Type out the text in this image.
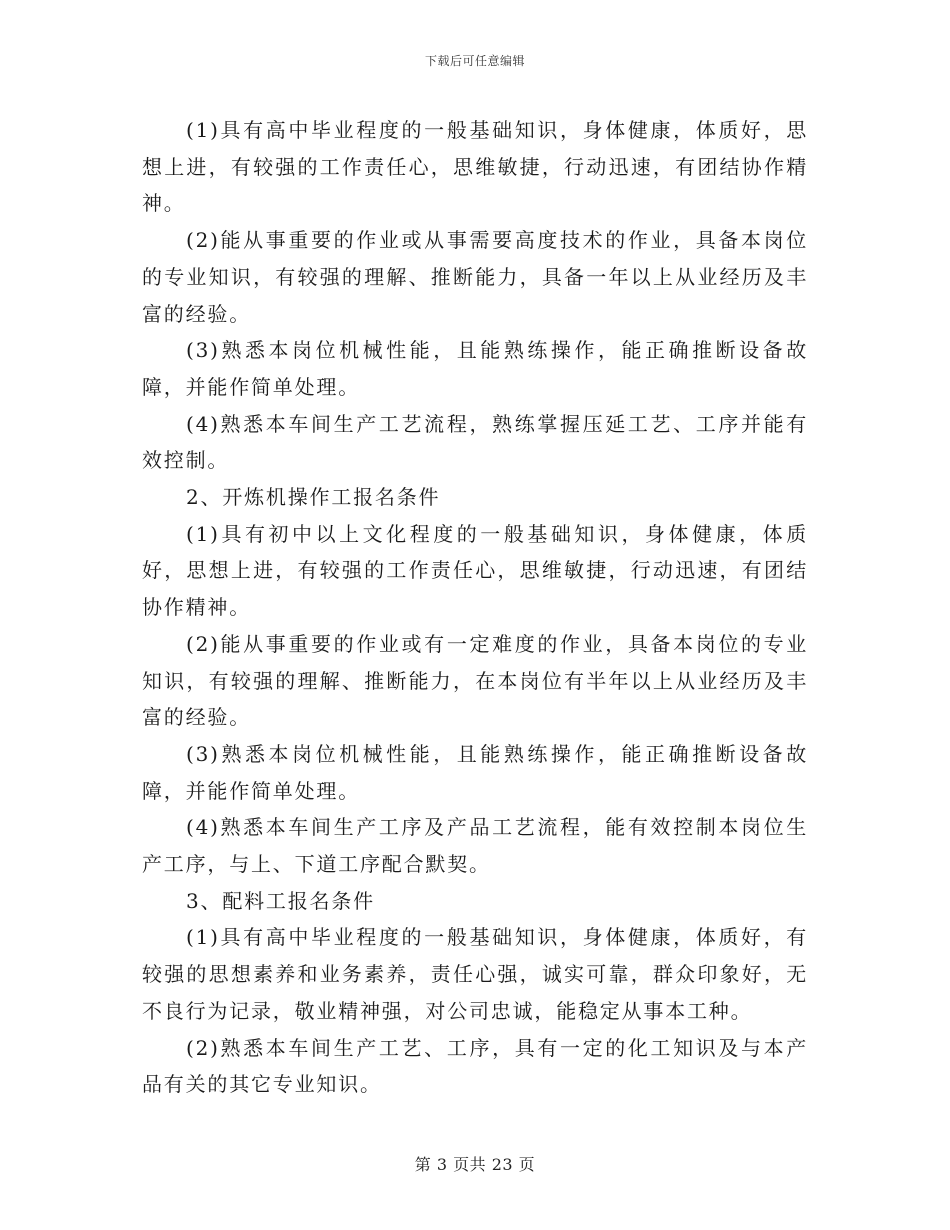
下载后可任意编辑

(1)具有高中毕业程度的一般基础知识，身体健康，体质好，思想上进，有较强的工作责任心，思维敏捷，行动迅速，有团结协作精神。

(2)能从事重要的作业或从事需要高度技术的作业，具备本岗位的专业知识，有较强的理解、推断能力，具备一年以上从业经历及丰富的经验。

(3)熟悉本岗位机械性能，且能熟练操作，能正确推断设备故障，并能作简单处理。

(4)熟悉本车间生产工艺流程，熟练掌握压延工艺、工序并能有效控制。

2、开炼机操作工报名条件

(1)具有初中以上文化程度的一般基础知识，身体健康，体质好，思想上进，有较强的工作责任心，思维敏捷，行动迅速，有团结协作精神。

(2)能从事重要的作业或有一定难度的作业，具备本岗位的专业知识，有较强的理解、推断能力，在本岗位有半年以上从业经历及丰富的经验。

(3)熟悉本岗位机械性能，且能熟练操作，能正确推断设备故障，并能作简单处理。

(4)熟悉本车间生产工序及产品工艺流程，能有效控制本岗位生产工序，与上、下道工序配合默契。

3、配料工报名条件

(1)具有高中毕业程度的一般基础知识，身体健康，体质好，有较强的思想素养和业务素养，责任心强，诚实可靠，群众印象好，无不良行为记录，敬业精神强，对公司忠诚，能稳定从事本工种。

(2)熟悉本车间生产工艺、工序，具有一定的化工知识及与本产品有关的其它专业知识。

第 3 页共 23 页
